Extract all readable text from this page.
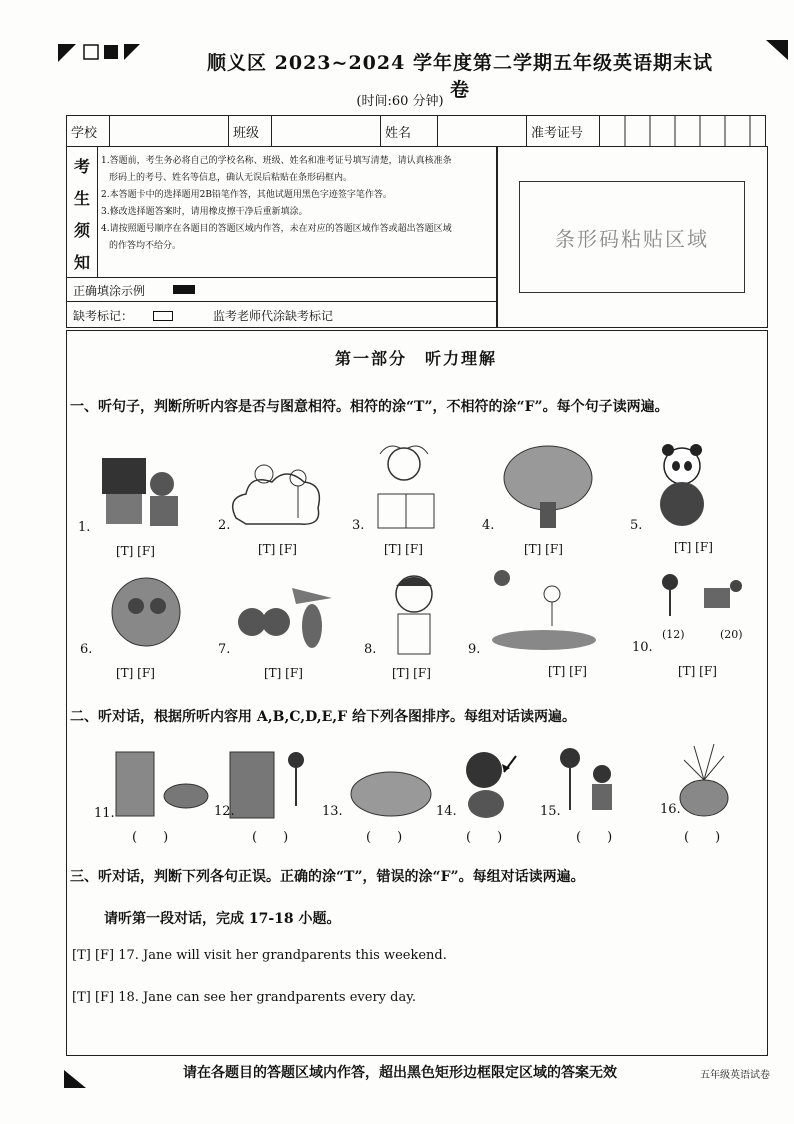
顺义区 2023~2024 学年度第二学期五年级英语期末试卷
(时间:60 分钟)
学校		班级		姓名		准考证号	
考
生
须
知
1.答题前，考生务必将自己的学校名称、班级、姓名和准考证号填写清楚，请认真核准条
形码上的考号、姓名等信息，确认无误后粘贴在条形码框内。
2.本答题卡中的选择题用2B铅笔作答，其他试题用黑色字迹签字笔作答。
3.修改选择题答案时，请用橡皮擦干净后重新填涂。
4.请按照题号顺序在各题目的答题区域内作答，未在对应的答题区域作答或超出答题区域
的作答均不给分。
正确填涂示例
缺考标记：	监考老师代涂缺考标记
条形码粘贴区域
第一部分　听力理解
一、听句子，判断所听内容是否与图意相符。相符的涂“T”，不相符的涂“F”。每个句子读两遍。
1.	2.	3.	4.	5.
[T] [F]	[T] [F]	[T] [F]	[T] [F]	[T] [F]
(12)	(20)
6.	7.	8.	9.	10.
[T] [F]	[T] [F]	[T] [F]	[T] [F]	[T] [F]
二、听对话，根据所听内容用 A,B,C,D,E,F 给下列各图排序。每组对话读两遍。
11.	12.	13.	14.	15.	16.
(　　)	(　　)	(　　)	(　　)	(　　)	(　　)
三、听对话，判断下列各句正误。正确的涂“T”，错误的涂“F”。每组对话读两遍。
请听第一段对话，完成 17-18 小题。
[T] [F] 17. Jane will visit her grandparents this weekend.
[T] [F] 18. Jane can see her grandparents every day.
请在各题目的答题区域内作答，超出黑色矩形边框限定区域的答案无效	五年级英语试卷
